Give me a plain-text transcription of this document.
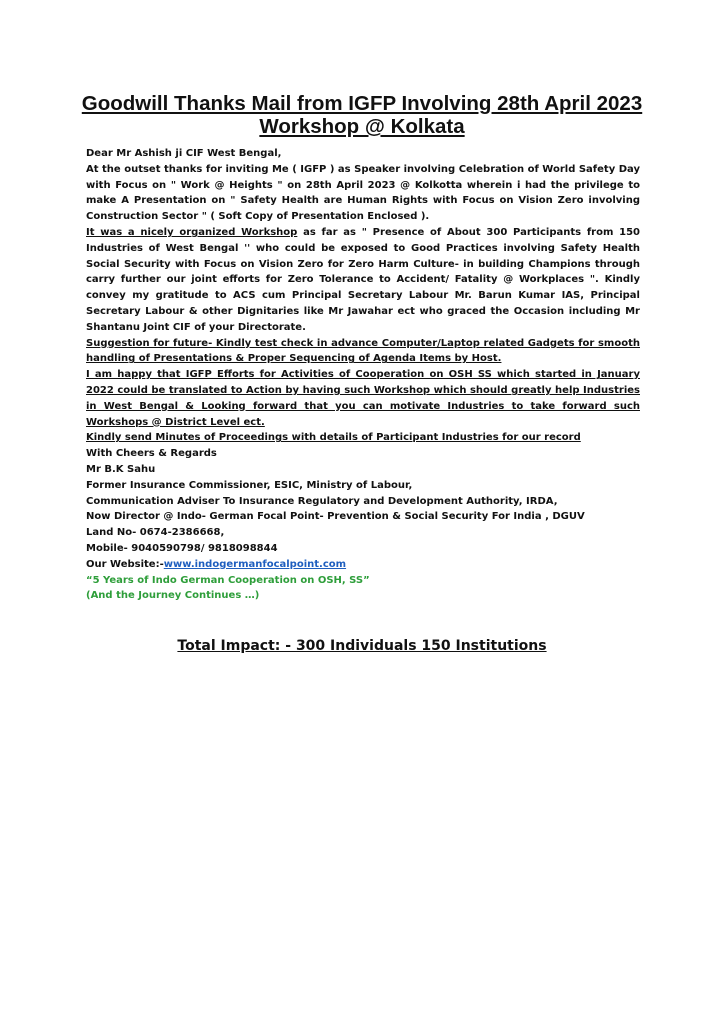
Goodwill Thanks Mail from IGFP Involving 28th April 2023 Workshop @ Kolkata

Dear Mr Ashish ji CIF West Bengal,

At the outset thanks for inviting Me ( IGFP ) as Speaker involving Celebration of World Safety Day with Focus on " Work @ Heights " on 28th April 2023 @ Kolkotta wherein i had the privilege to make A Presentation on " Safety Health are Human Rights with Focus on Vision Zero involving Construction Sector " ( Soft Copy of Presentation Enclosed ).

It was a nicely organized Workshop as far as " Presence of About 300 Participants from 150 Industries of West Bengal '' who could be exposed to Good Practices involving Safety Health Social Security with Focus on Vision Zero for Zero Harm Culture- in building Champions through carry further our joint efforts for Zero Tolerance to Accident/ Fatality @ Workplaces ". Kindly convey my gratitude to ACS cum Principal Secretary Labour Mr. Barun Kumar IAS, Principal Secretary Labour & other Dignitaries like Mr Jawahar ect who graced the Occasion including Mr Shantanu Joint CIF of your Directorate.

Suggestion for future- Kindly test check in advance Computer/Laptop related Gadgets for smooth handling of Presentations & Proper Sequencing of Agenda Items by Host.

I am happy that IGFP Efforts for Activities of Cooperation on OSH SS which started in January 2022 could be translated to Action by having such Workshop which should greatly help Industries in West Bengal & Looking forward that you can motivate Industries to take forward such Workshops @ District Level ect.

Kindly send Minutes of Proceedings with details of Participant Industries for our record

With Cheers & Regards

Mr B.K Sahu

Former Insurance Commissioner, ESIC, Ministry of Labour,

Communication Adviser To Insurance Regulatory and Development Authority, IRDA,

Now Director @ Indo- German Focal Point- Prevention & Social Security For India , DGUV

Land No- 0674-2386668,

Mobile- 9040590798/ 9818098844

Our Website:-www.indogermanfocalpoint.com

“5 Years of Indo German Cooperation on OSH, SS”

(And the Journey Continues …)

Total Impact: - 300 Individuals 150 Institutions
